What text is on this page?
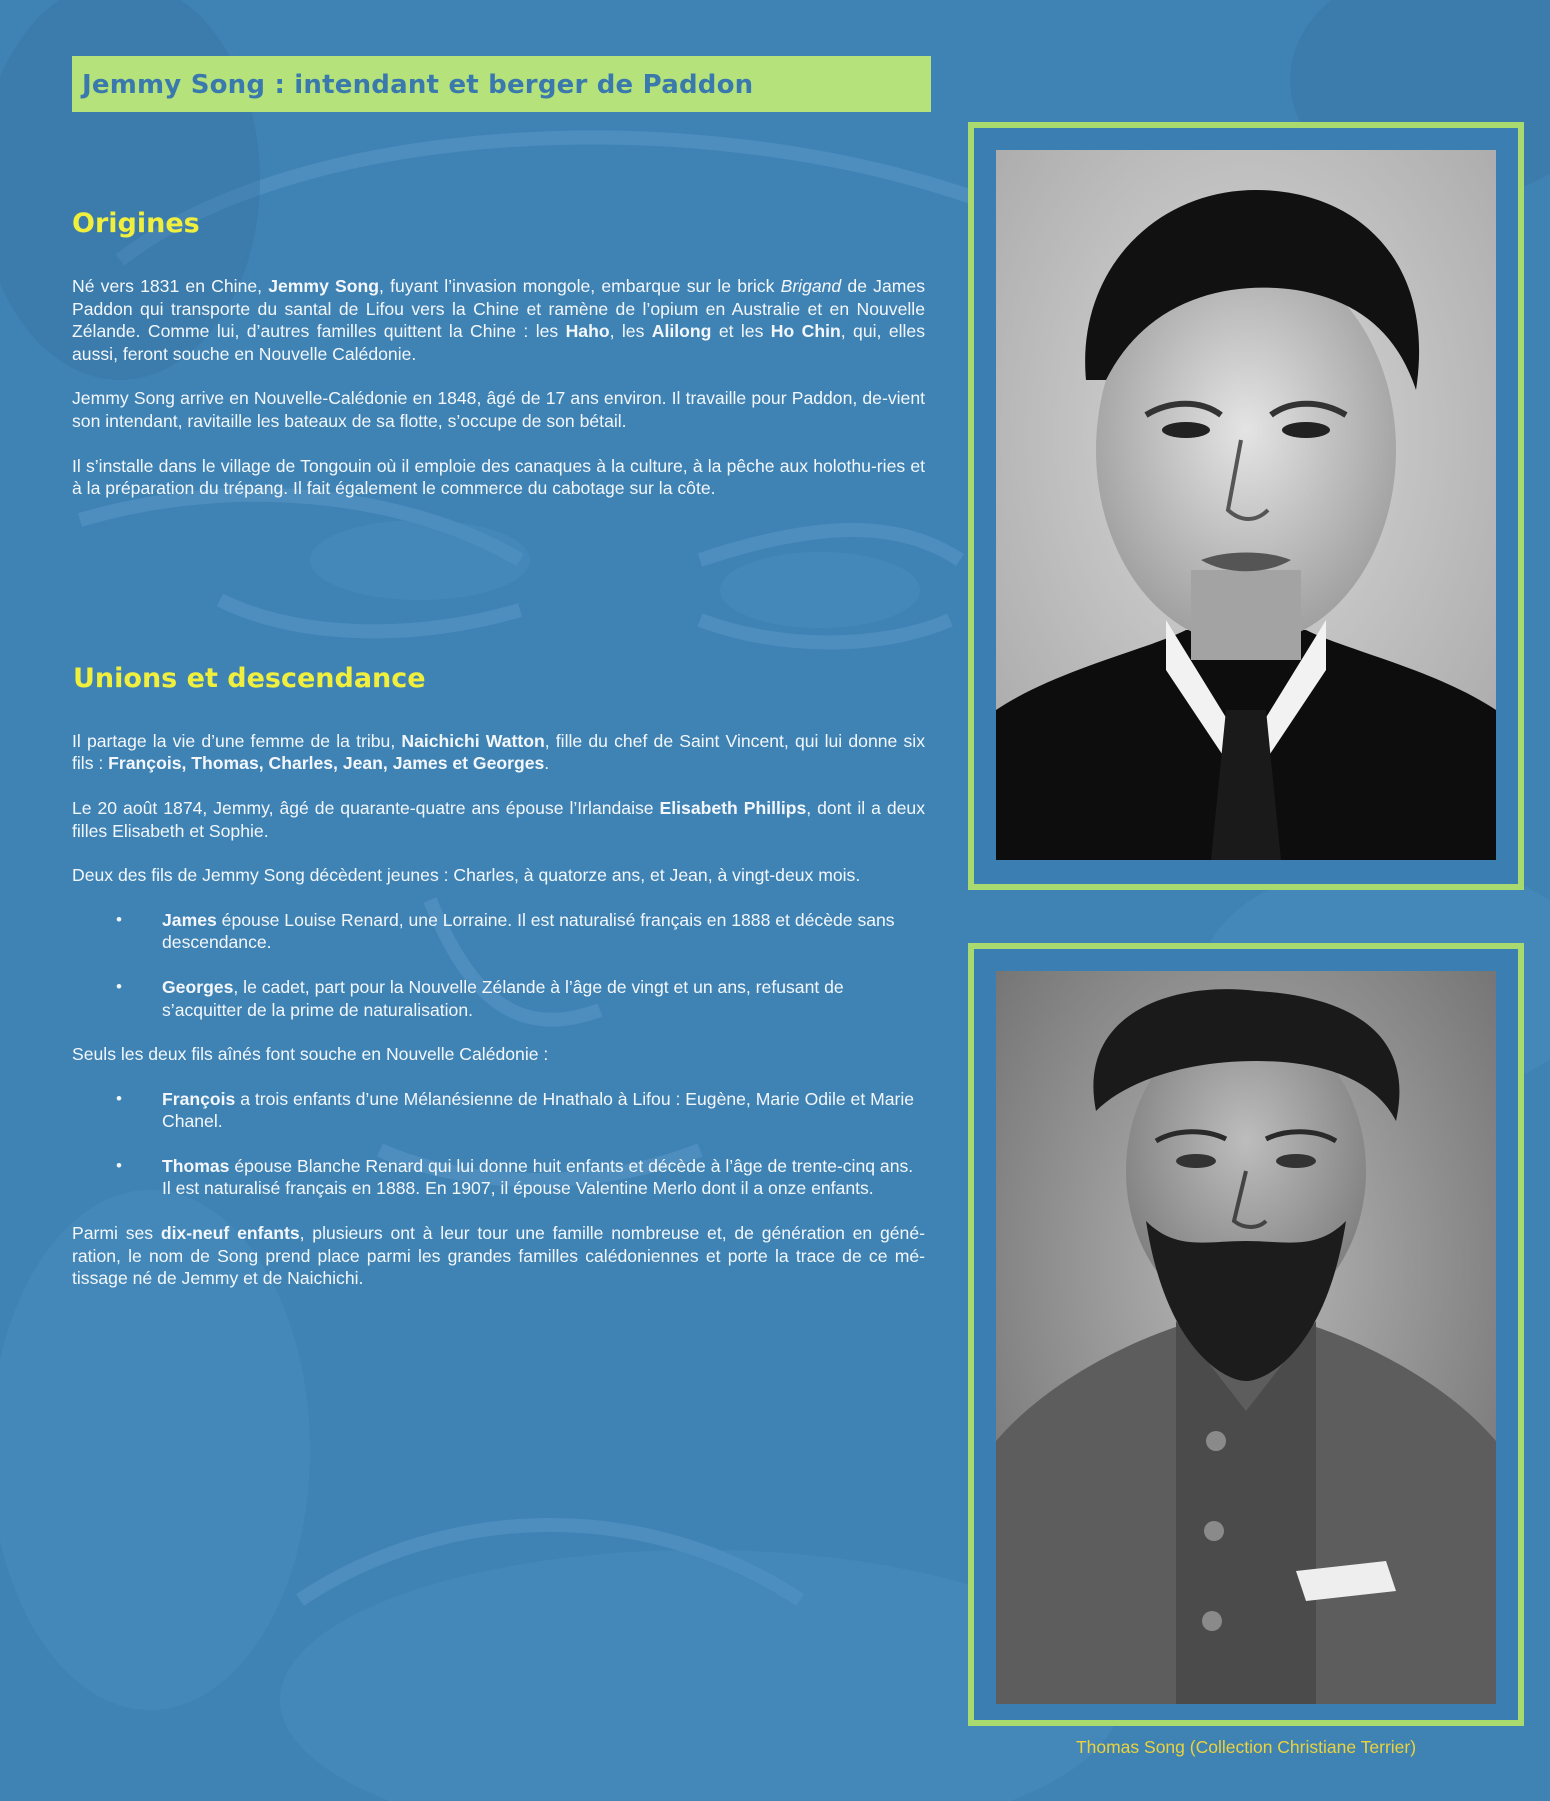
Jemmy Song : intendant et berger de Paddon
Origines

Né vers 1831 en Chine, Jemmy Song, fuyant l’invasion mongole, embarque sur le brick Brigand de James Paddon qui transporte du santal de Lifou vers la Chine et ramène de l’opium en Australie et en Nouvelle Zélande. Comme lui, d’autres familles quittent la Chine : les Haho, les Alilong et les Ho Chin, qui, elles aussi, feront souche en Nouvelle Calédonie.

Jemmy Song arrive en Nouvelle-Calédonie en 1848, âgé de 17 ans environ. Il travaille pour Paddon, de-vient son intendant, ravitaille les bateaux de sa flotte, s’occupe de son bétail.

Il s’installe dans le village de Tongouin où il emploie des canaques à la culture, à la pêche aux holothu-ries et à la préparation du trépang. Il fait également le commerce du cabotage sur la côte.

Unions et descendance

Il partage la vie d’une femme de la tribu, Naichichi Watton, fille du chef de Saint Vincent, qui lui donne six fils : François, Thomas, Charles, Jean, James et Georges.

Le 20 août 1874, Jemmy, âgé de quarante-quatre ans épouse l’Irlandaise Elisabeth Phillips, dont il a deux filles Elisabeth et Sophie.

Deux des fils de Jemmy Song décèdent jeunes : Charles, à quatorze ans, et Jean, à vingt-deux mois.

• James épouse Louise Renard, une Lorraine. Il est naturalisé français en 1888 et décède sans descendance.
• Georges, le cadet, part pour la Nouvelle Zélande à l’âge de vingt et un ans, refusant de s’acquitter de la prime de naturalisation.

Seuls les deux fils aînés font souche en Nouvelle Calédonie :

• François a trois enfants d’une Mélanésienne de Hnathalo à Lifou : Eugène, Marie Odile et Marie Chanel.
• Thomas épouse Blanche Renard qui lui donne huit enfants et décède à l’âge de trente-cinq ans. Il est naturalisé français en 1888. En 1907, il épouse Valentine Merlo dont il a onze enfants.

Parmi ses dix-neuf enfants, plusieurs ont à leur tour une famille nombreuse et, de génération en géné-ration, le nom de Song prend place parmi les grandes familles calédoniennes et porte la trace de ce mé-tissage né de Jemmy et de Naichichi.

Thomas Song (Collection Christiane Terrier)
